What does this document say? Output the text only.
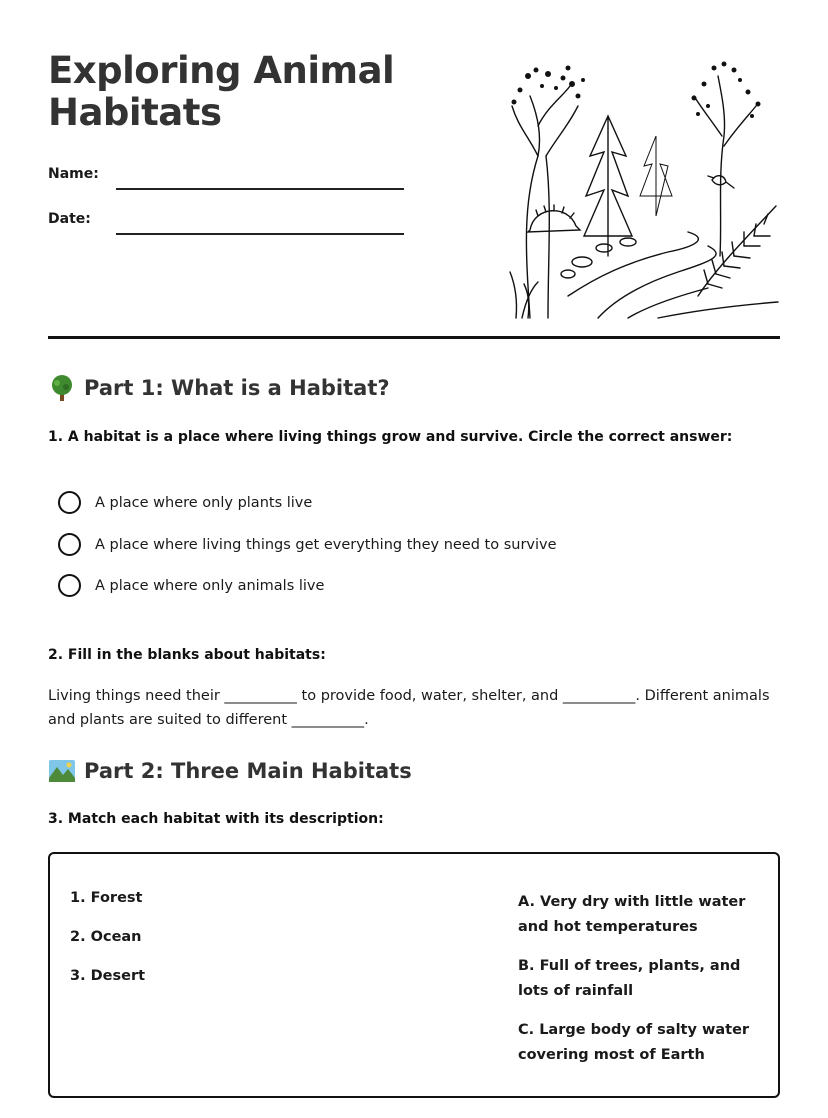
Exploring Animal
Habitats
Name:
Date:
Part 1: What is a Habitat?
1. A habitat is a place where living things grow and survive. Circle the correct answer:
A place where only plants live
A place where living things get everything they need to survive
A place where only animals live
2. Fill in the blanks about habitats:
Living things need their __________ to provide food, water, shelter, and __________. Different animals and plants are suited to different __________.
Part 2: Three Main Habitats
3. Match each habitat with its description:
1. Forest
2. Ocean
3. Desert
A. Very dry with little water and hot temperatures
B. Full of trees, plants, and lots of rainfall
C. Large body of salty water covering most of Earth
